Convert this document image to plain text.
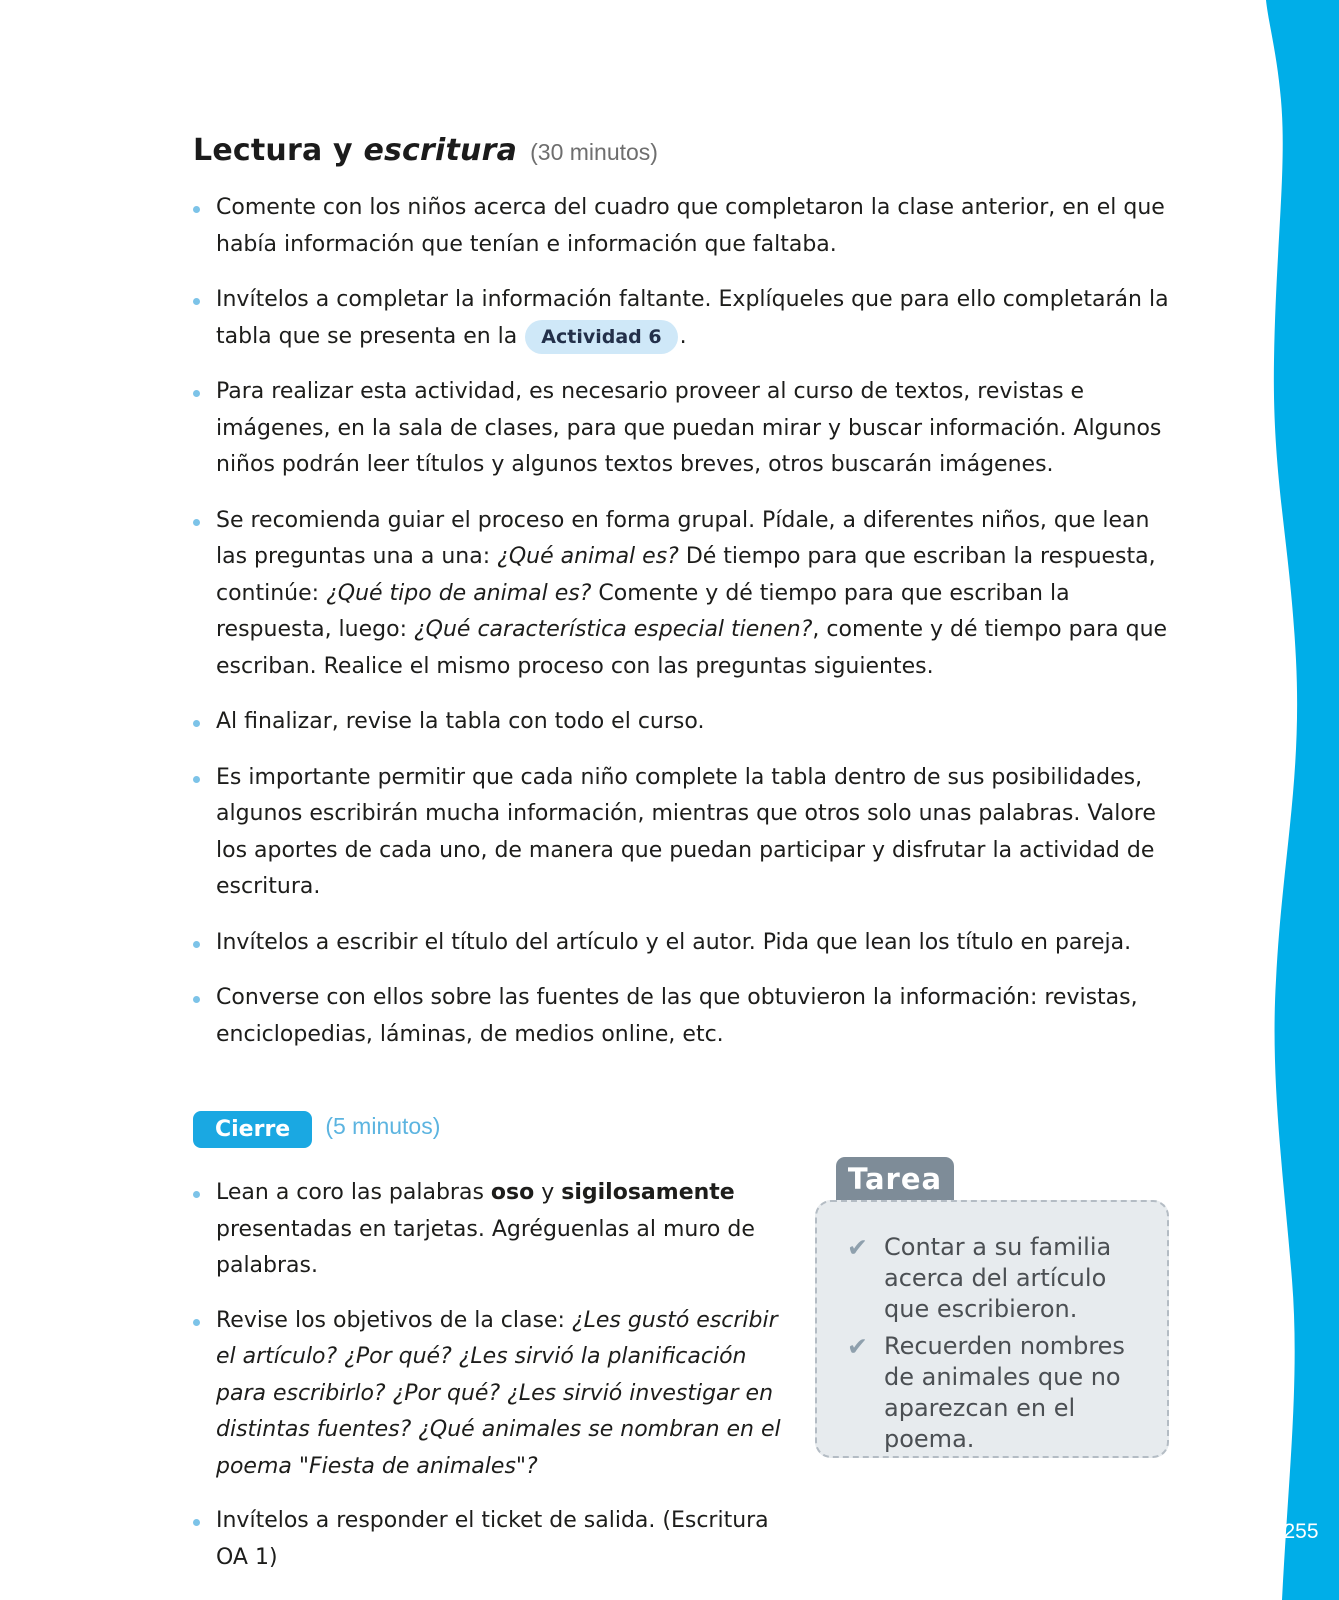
255
Lectura y escritura (30 minutos)
Comente con los niños acerca del cuadro que completaron la clase anterior, en el que había información que tenían e información que faltaba.
Invítelos a completar la información faltante. Explíqueles que para ello completarán la tabla que se presenta en la Actividad 6 .
Para realizar esta actividad, es necesario proveer al curso de textos, revistas e imágenes, en la sala de clases, para que puedan mirar y buscar información. Algunos niños podrán leer títulos y algunos textos breves, otros buscarán imágenes.
Se recomienda guiar el proceso en forma grupal. Pídale, a diferentes niños, que lean las preguntas una a una: ¿Qué animal es? Dé tiempo para que escriban la respuesta, continúe: ¿Qué tipo de animal es? Comente y dé tiempo para que escriban la respuesta, luego: ¿Qué característica especial tienen?, comente y dé tiempo para que escriban. Realice el mismo proceso con las preguntas siguientes.
Al finalizar, revise la tabla con todo el curso.
Es importante permitir que cada niño complete la tabla dentro de sus posibilidades, algunos escribirán mucha información, mientras que otros solo unas palabras. Valore los aportes de cada uno, de manera que puedan participar y disfrutar la actividad de escritura.
Invítelos a escribir el título del artículo y el autor. Pida que lean los título en pareja.
Converse con ellos sobre las fuentes de las que obtuvieron la información: revistas, enciclopedias, láminas, de medios online, etc.
Cierre (5 minutos)
Lean a coro las palabras oso y sigilosamente presentadas en tarjetas. Agréguenlas al muro de palabras.
Revise los objetivos de la clase: ¿Les gustó escribir el artículo? ¿Por qué? ¿Les sirvió la planificación para escribirlo? ¿Por qué? ¿Les sirvió investigar en distintas fuentes? ¿Qué animales se nombran en el poema "Fiesta de animales"?
Invítelos a responder el ticket de salida. (Escritura OA 1)
Tarea
✔ Contar a su familia acerca del artículo que escribieron.
✔ Recuerden nombres de animales que no aparezcan en el poema.
